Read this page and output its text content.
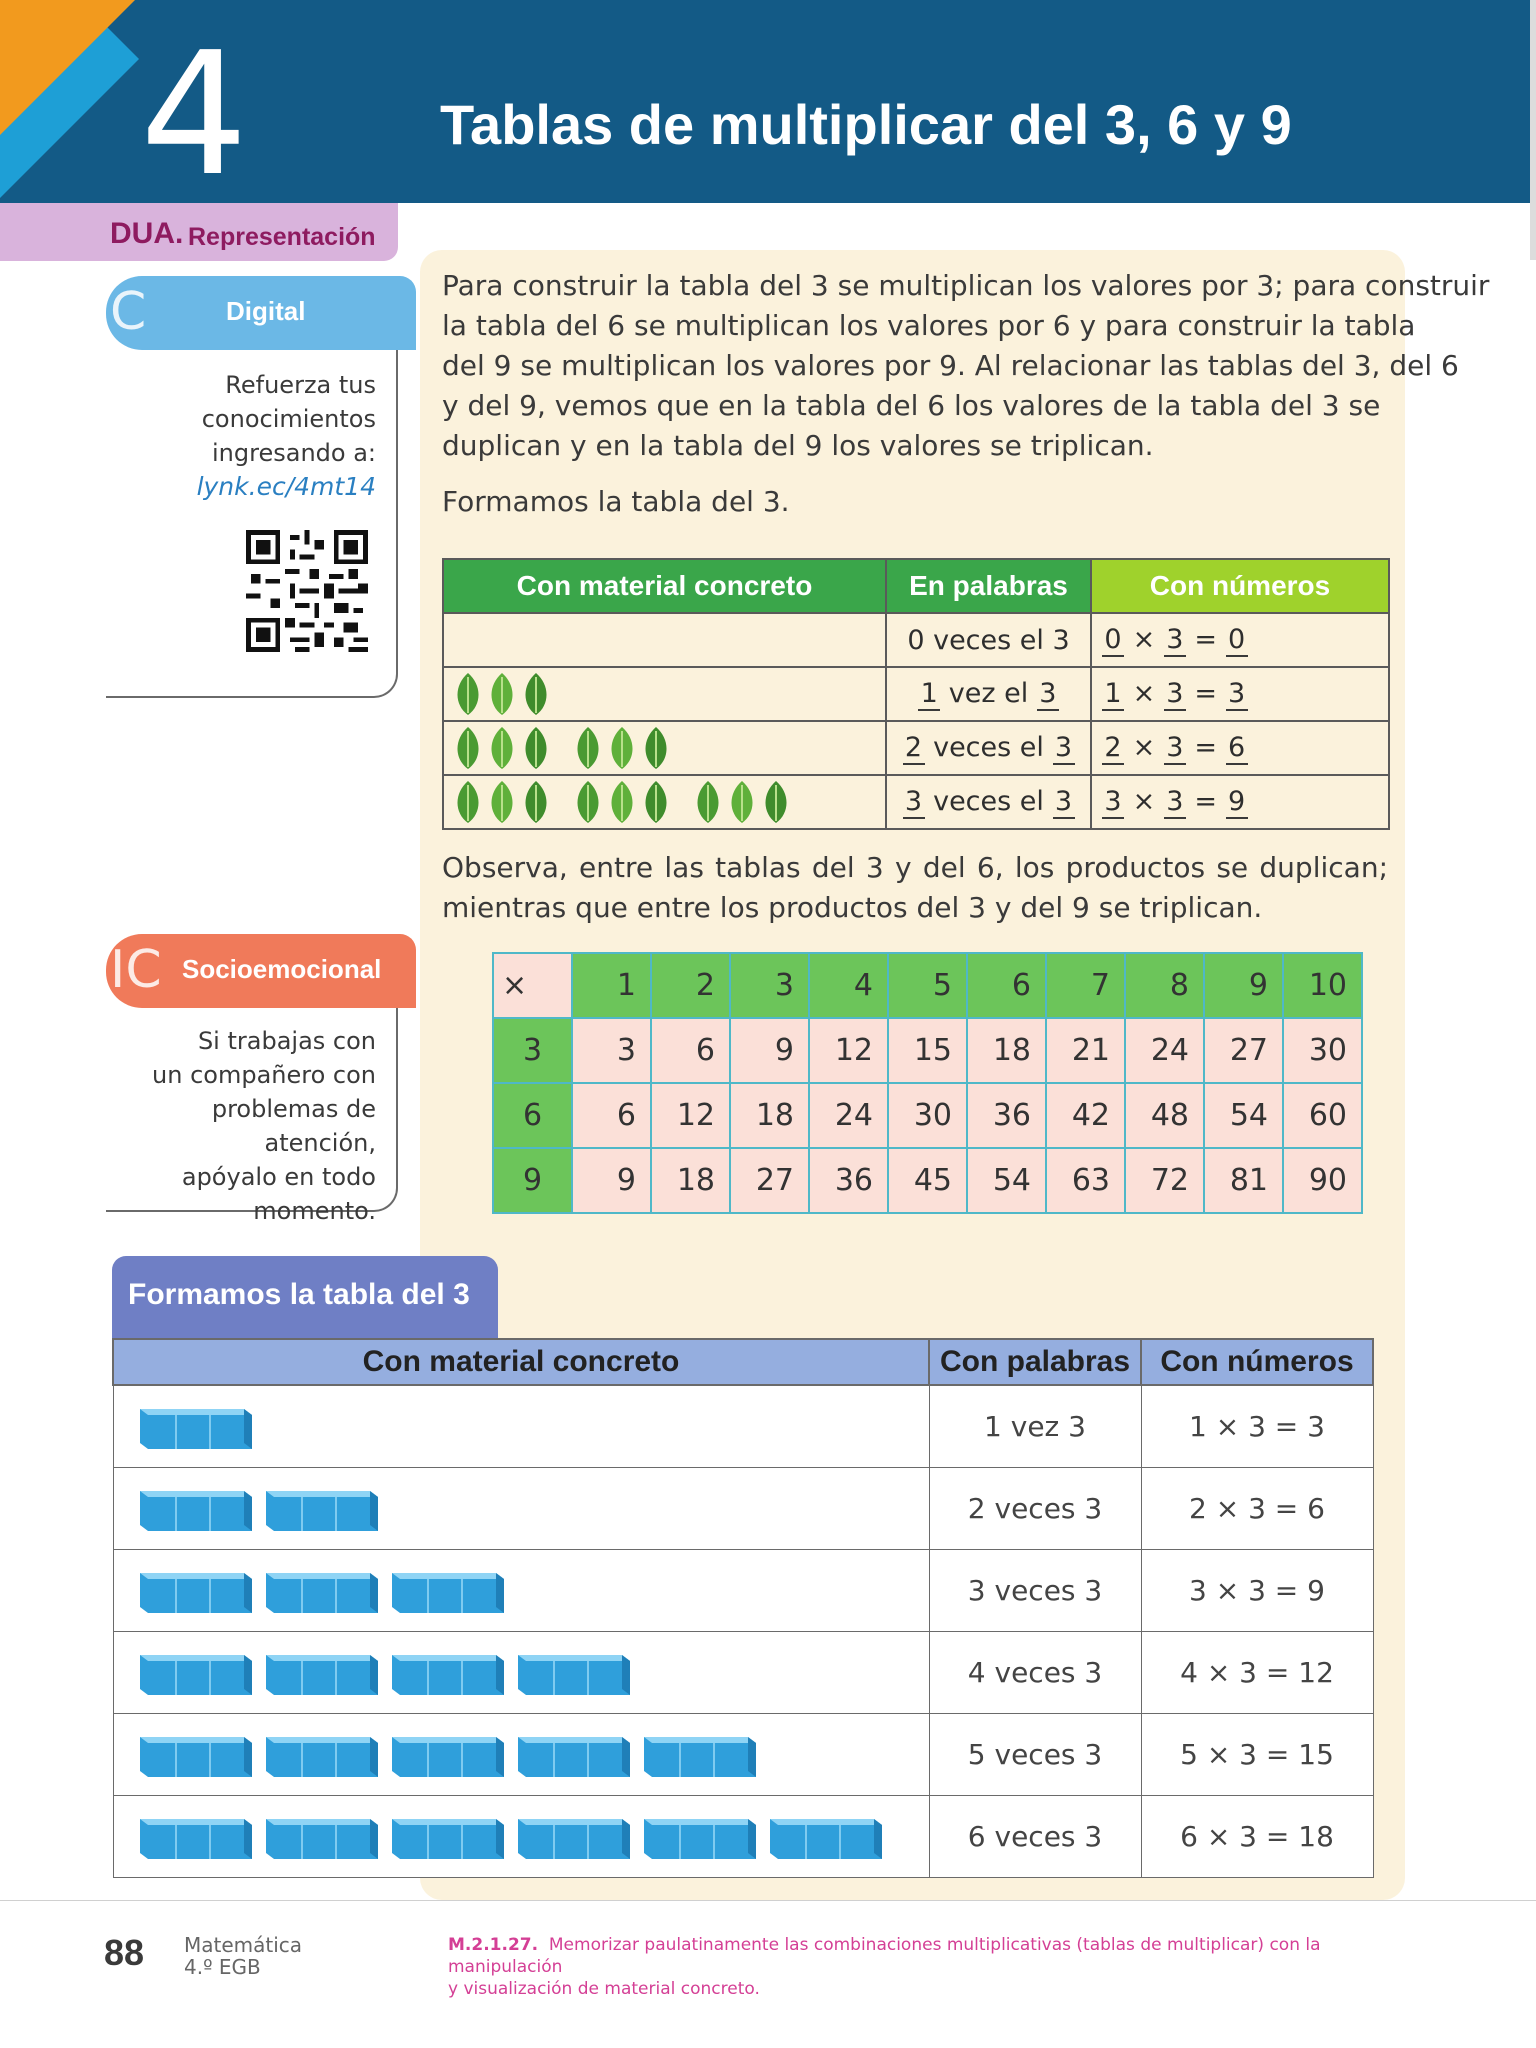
4	Tablas de multiplicar del 3, 6 y 9
DUA. Representación
C	Digital
Refuerza tus
conocimientos
ingresando a:
lynk.ec/4mt14
IC Socioemocional
Si trabajas con
un compañero con
problemas de atención,
apóyalo en todo
momento.
Para construir la tabla del 3 se multiplican los valores por 3; para construir
la tabla del 6 se multiplican los valores por 6 y para construir la tabla
del 9 se multiplican los valores por 9. Al relacionar las tablas del 3, del 6
y del 9, vemos que en la tabla del 6 los valores de la tabla del 3 se
duplican y en la tabla del 9 los valores se triplican.
Formamos la tabla del 3.
Con material concreto	En palabras	Con números
	0 veces el 3	0 × 3 = 0

	1 vez el 3	1 × 3 = 3

	2 veces el 3	2 × 3 = 6

	3 veces el 3	3 × 3 = 9
Observa, entre las tablas del 3 y del 6, los productos se duplican;
mientras que entre los productos del 3 y del 9 se triplican.
×	1	2	3	4	5	6	7	8	9	10
3	3	6	9	12	15	18	21	24	27	30
6	6	12	18	24	30	36	42	48	54	60
9	9	18	27	36	45	54	63	72	81	90
Formamos la tabla del 3
Con material concreto	Con palabras	Con números

	1 vez 3	1 × 3 = 3

	2 veces 3	2 × 3 = 6

	3 veces 3	3 × 3 = 9

	4 veces 3	4 × 3 = 12

	5 veces 3	5 × 3 = 15

	6 veces 3	6 × 3 = 18
88 Matemática
4.º EGB
M.2.1.27. Memorizar paulatinamente las combinaciones multiplicativas (tablas de multiplicar) con la manipulación
y visualización de material concreto.
